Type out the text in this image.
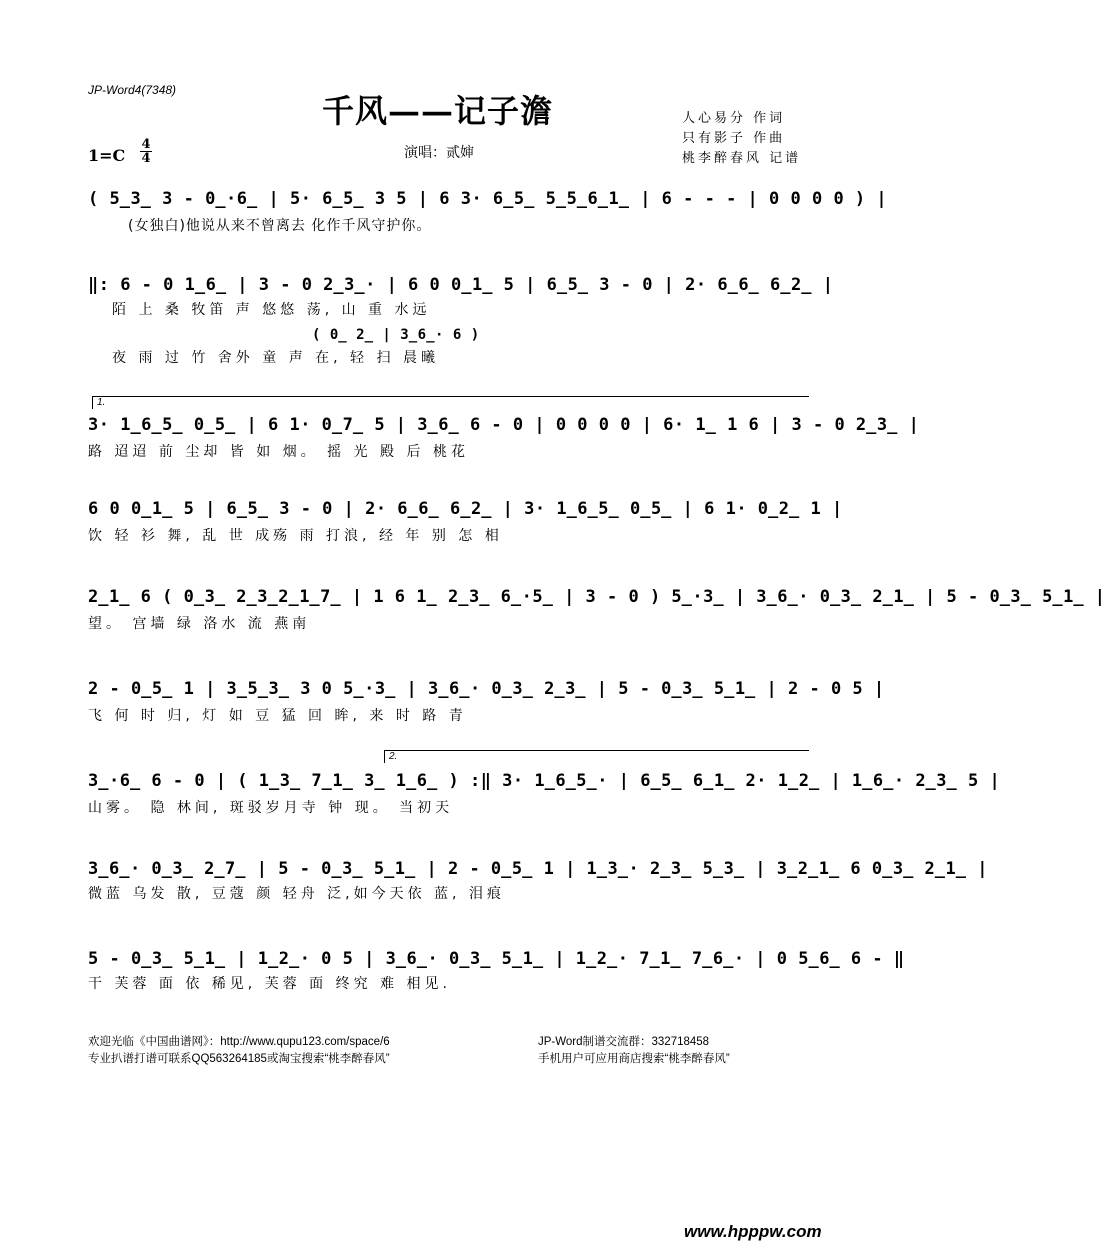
JP-Word4(7348)
千风——记子澹	人心易分 作词
只有影子 作曲
桃李醉春风 记谱
1=C
4
4	演唱：贰婶
( 5̲3̲ 3 - 0̲·6̲ | 5· 6̲5̲ 3 5 | 6 3· 6̲5̲ 5̲5̲6̲1̲ | 6 - - - | 0 0 0 0 ) |
(女独白)他说从来不曾离去 化作千风守护你。
‖: 6 - 0 1̲6̲ | 3 - 0 2̲3̲· | 6 0 0̲1̲ 5 | 6̲5̲ 3 - 0 | 2· 6̲6̲ 6̲2̲ |
陌 上 桑 牧笛 声 悠悠 荡, 山 重 水远
( 0̲ 2̲ | 3̲6̲· 6 )
夜 雨 过 竹 舍外 童 声 在, 轻 扫 晨曦
1.
3· 1̲6̲5̲ 0̲5̲ | 6 1· 0̲7̲ 5 | 3̲6̲ 6 - 0 | 0 0 0 0 | 6· 1̲ 1 6 | 3 - 0 2̲3̲ |
路 迢迢 前 尘却 皆 如 烟。 摇 光 殿 后 桃花
6 0 0̲1̲ 5 | 6̲5̲ 3 - 0 | 2· 6̲6̲ 6̲2̲ | 3· 1̲6̲5̲ 0̲5̲ | 6 1· 0̲2̲ 1 |
饮 轻 衫 舞, 乱 世 成殇 雨 打浪, 经 年 别 怎 相
2̲1̲ 6 ( 0̲3̲ 2̲3̲2̲1̲7̲ | 1 6 1̲ 2̲3̲ 6̲·5̲ | 3 - 0 ) 5̲·3̲ | 3̲6̲· 0̲3̲ 2̲1̲ | 5 - 0̲3̲ 5̲1̲ |
望。 宫墙 绿 洛水 流 燕南
2 - 0̲5̲ 1 | 3̲5̲3̲ 3 0 5̲·3̲ | 3̲6̲· 0̲3̲ 2̲3̲ | 5 - 0̲3̲ 5̲1̲ | 2 - 0 5 |
飞 何 时 归, 灯 如 豆 猛 回 眸, 来 时 路 青
2.
3̲·6̲ 6 - 0 | ( 1̲3̲ 7̲1̲ 3̲ 1̲6̲ ) :‖ 3· 1̲6̲5̲· | 6̲5̲ 6̲1̲ 2· 1̲2̲ | 1̲6̲· 2̲3̲ 5 |
山雾。 隐 林间, 斑驳岁月寺 钟 现。 当初天
3̲6̲· 0̲3̲ 2̲7̲ | 5 - 0̲3̲ 5̲1̲ | 2 - 0̲5̲ 1 | 1̲3̲· 2̲3̲ 5̲3̲ | 3̲2̲1̲ 6 0̲3̲ 2̲1̲ |
微蓝 乌发 散, 豆蔻 颜 轻舟 泛,如今天依 蓝, 泪痕
5 - 0̲3̲ 5̲1̲ | 1̲2̲· 0 5 | 3̲6̲· 0̲3̲ 5̲1̲ | 1̲2̲· 7̲1̲ 7̲6̲· | 0 5̲6̲ 6 - ‖
干 芙蓉 面 依 稀见, 芙蓉 面 终究 难 相见.
欢迎光临《中国曲谱网》：http://www.qupu123.com/space/6
专业扒谱打谱可联系QQ563264185或淘宝搜索“桃李醉春风”
JP-Word制谱交流群：332718458
手机用户可应用商店搜索“桃李醉春风”
www.hpppw.com
